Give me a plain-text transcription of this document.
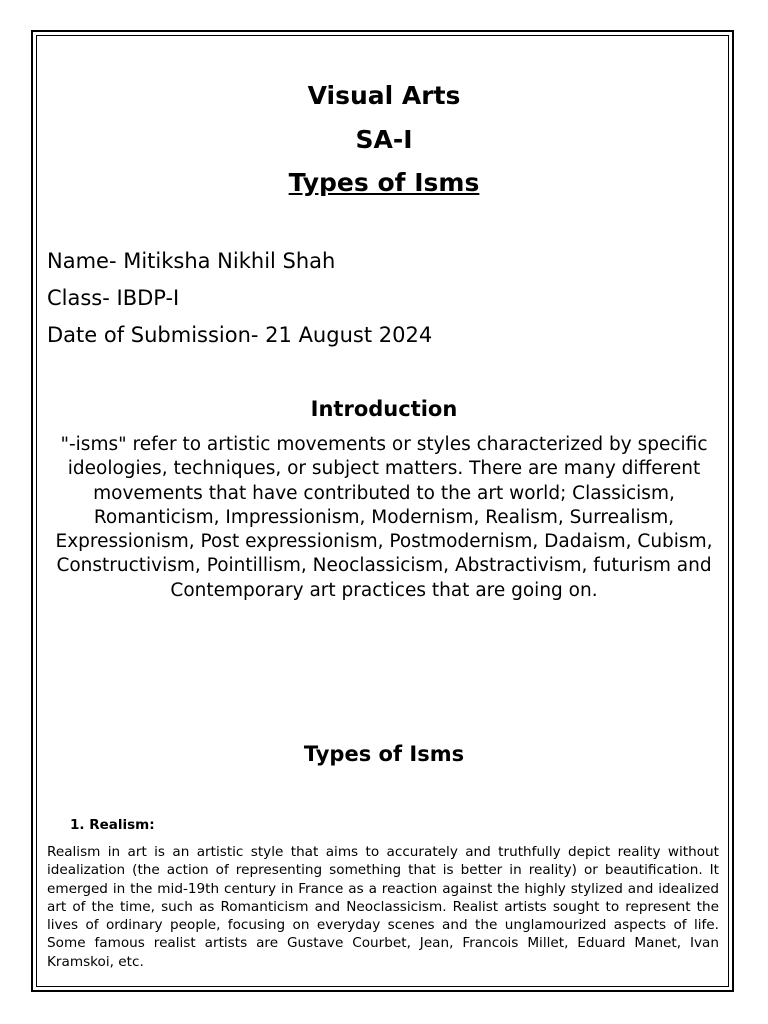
Visual Arts
SA-I
Types of Isms
Name- Mitiksha Nikhil Shah
Class- IBDP-I
Date of Submission- 21 August 2024
Introduction
"-isms" refer to artistic movements or styles characterized by specific ideologies, techniques, or subject matters. There are many different movements that have contributed to the art world; Classicism, Romanticism, Impressionism, Modernism, Realism, Surrealism, Expressionism, Post expressionism, Postmodernism, Dadaism, Cubism, Constructivism, Pointillism, Neoclassicism, Abstractivism, futurism and Contemporary art practices that are going on.
Types of Isms
1. Realism:
Realism in art is an artistic style that aims to accurately and truthfully depict reality without idealization (the action of representing something that is better in reality) or beautification. It emerged in the mid-19th century in France as a reaction against the highly stylized and idealized art of the time, such as Romanticism and Neoclassicism. Realist artists sought to represent the lives of ordinary people, focusing on everyday scenes and the unglamourized aspects of life. Some famous realist artists are Gustave Courbet, Jean, Francois Millet, Eduard Manet, Ivan Kramskoi, etc.
